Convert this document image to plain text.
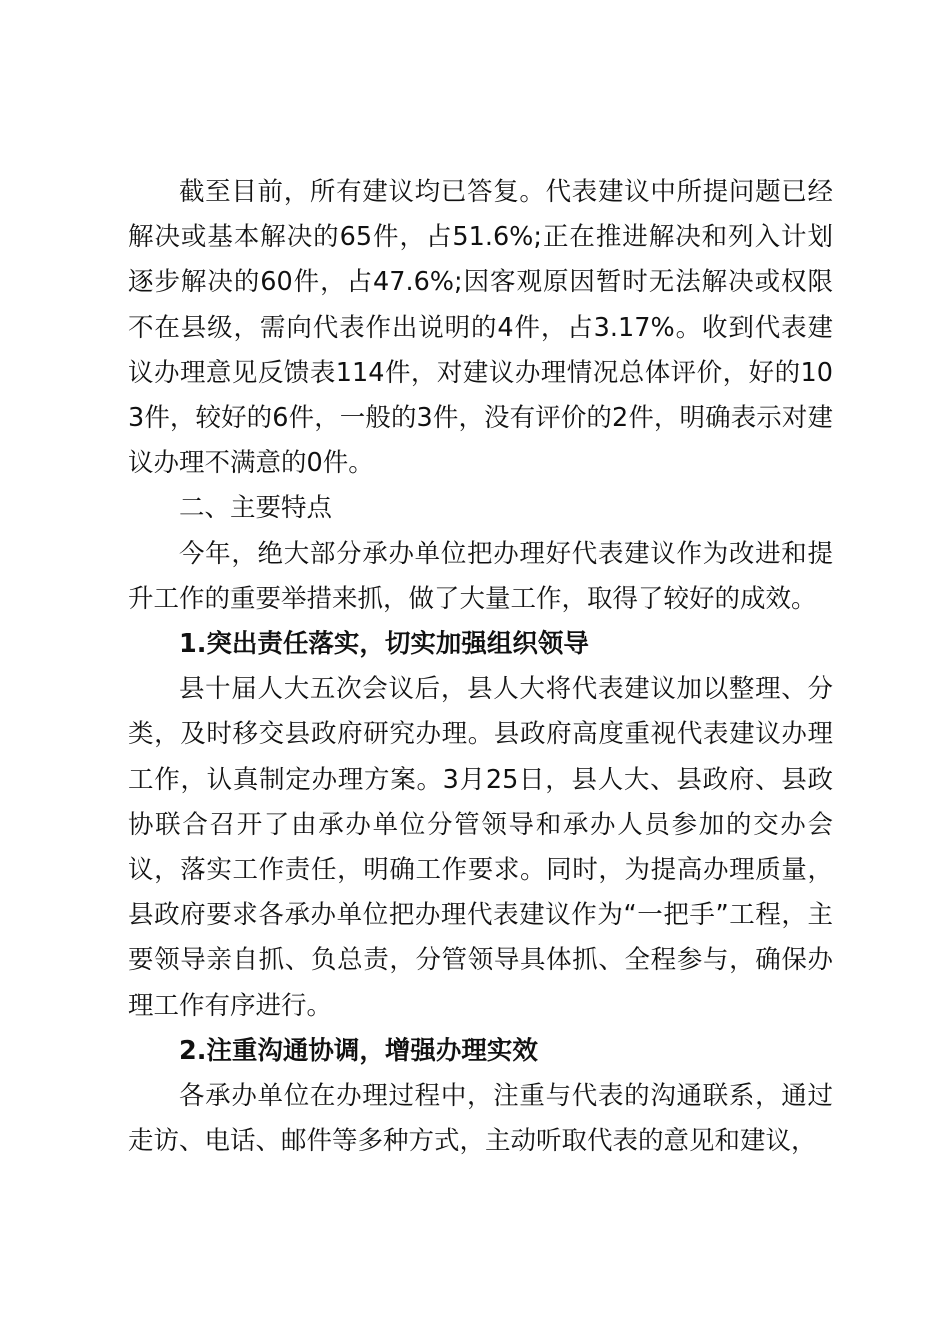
截至目前，所有建议均已答复。代表建议中所提问题已经解决或基本解决的65件，占51.6%;正在推进解决和列入计划逐步解决的60件，占47.6%;因客观原因暂时无法解决或权限不在县级，需向代表作出说明的4件，占3.17%。收到代表建议办理意见反馈表114件，对建议办理情况总体评价，好的103件，较好的6件，一般的3件，没有评价的2件，明确表示对建议办理不满意的0件。

二、主要特点

今年，绝大部分承办单位把办理好代表建议作为改进和提升工作的重要举措来抓，做了大量工作，取得了较好的成效。

1.突出责任落实，切实加强组织领导

县十届人大五次会议后，县人大将代表建议加以整理、分类，及时移交县政府研究办理。县政府高度重视代表建议办理工作，认真制定办理方案。3月25日，县人大、县政府、县政协联合召开了由承办单位分管领导和承办人员参加的交办会议，落实工作责任，明确工作要求。同时，为提高办理质量，县政府要求各承办单位把办理代表建议作为“一把手”工程，主要领导亲自抓、负总责，分管领导具体抓、全程参与，确保办理工作有序进行。

2.注重沟通协调，增强办理实效

各承办单位在办理过程中，注重与代表的沟通联系，通过走访、电话、邮件等多种方式，主动听取代表的意见和建议，
